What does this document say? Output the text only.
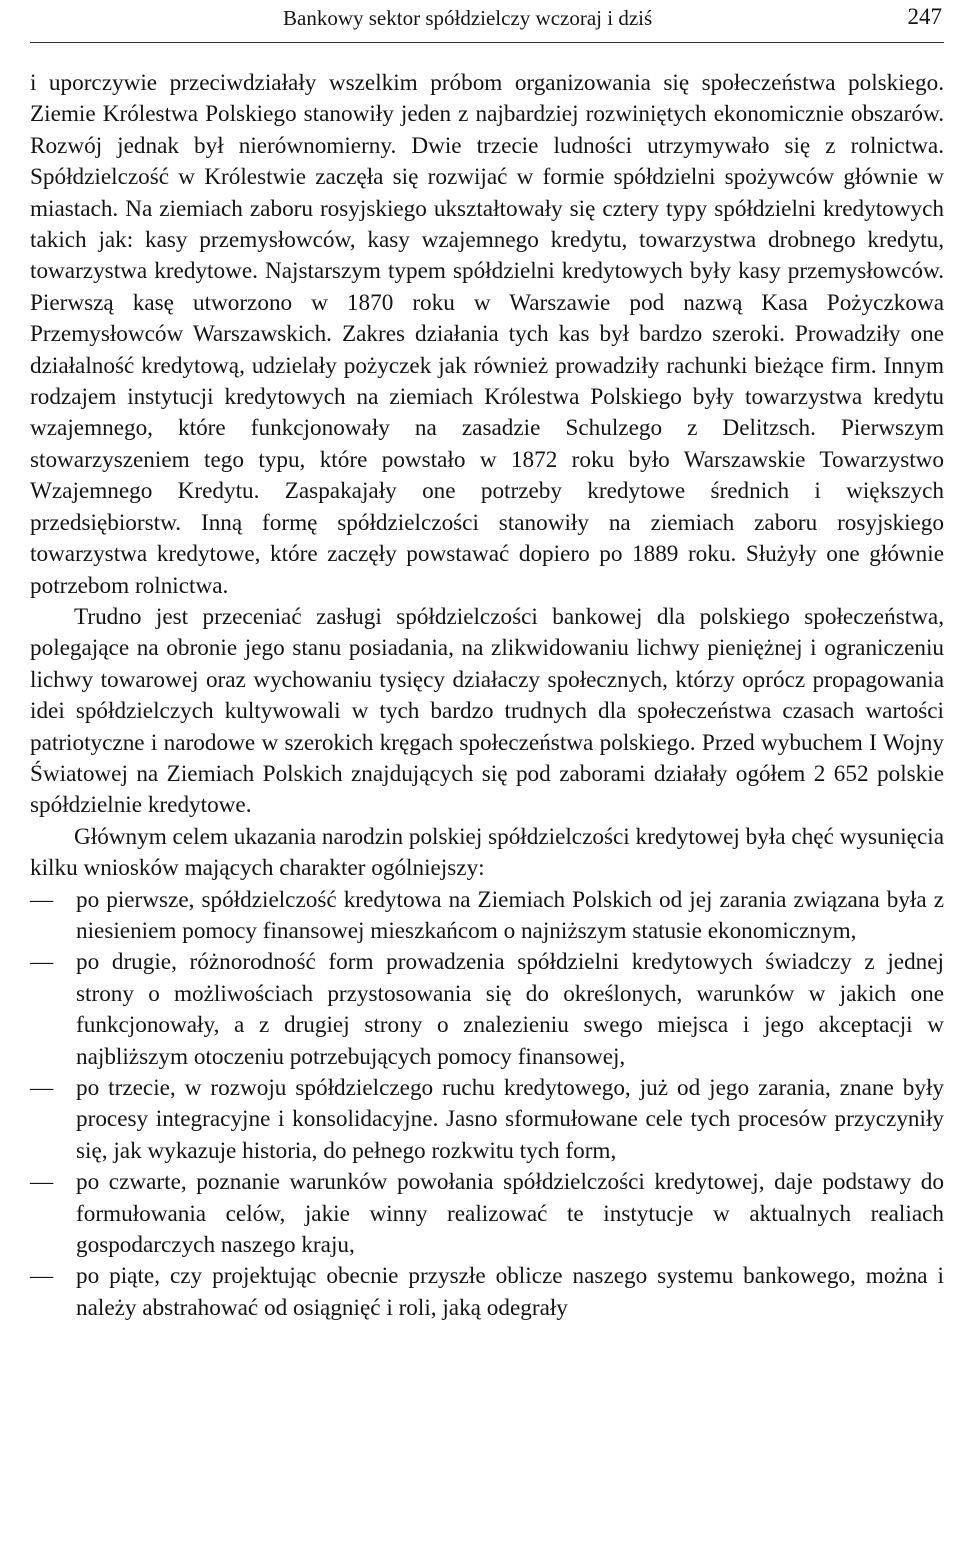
Bankowy sektor spółdzielczy wczoraj i dziś	247

i uporczywie przeciwdziałały wszelkim próbom organizowania się społeczeństwa polskiego. Ziemie Królestwa Polskiego stanowiły jeden z najbardziej rozwiniętych ekonomicznie obszarów. Rozwój jednak był nierównomierny. Dwie trzecie ludności utrzymywało się z rolnictwa. Spółdzielczość w Królestwie zaczęła się rozwijać w formie spółdzielni spożywców głównie w miastach. Na ziemiach zaboru rosyjskiego ukształtowały się cztery typy spółdzielni kredytowych takich jak: kasy przemysłowców, kasy wzajemnego kredytu, towarzystwa drobnego kredytu, towarzystwa kredytowe. Najstarszym typem spółdzielni kredytowych były kasy przemysłowców. Pierwszą kasę utworzono w 1870 roku w Warszawie pod nazwą Kasa Pożyczkowa Przemysłowców Warszawskich. Zakres działania tych kas był bardzo szeroki. Prowadziły one działalność kredytową, udzielały pożyczek jak również prowadziły rachunki bieżące firm. Innym rodzajem instytucji kredytowych na ziemiach Królestwa Polskiego były towarzystwa kredytu wzajemnego, które funkcjonowały na zasadzie Schulzego z Delitzsch. Pierwszym stowarzyszeniem tego typu, które powstało w 1872 roku było Warszawskie Towarzystwo Wzajemnego Kredytu. Zaspakajały one potrzeby kredytowe średnich i większych przedsiębiorstw. Inną formę spółdzielczości stanowiły na ziemiach zaboru rosyjskiego towarzystwa kredytowe, które zaczęły powstawać dopiero po 1889 roku. Służyły one głównie potrzebom rolnictwa.

Trudno jest przeceniać zasługi spółdzielczości bankowej dla polskiego społeczeństwa, polegające na obronie jego stanu posiadania, na zlikwidowaniu lichwy pieniężnej i ograniczeniu lichwy towarowej oraz wychowaniu tysięcy działaczy społecznych, którzy oprócz propagowania idei spółdzielczych kultywowali w tych bardzo trudnych dla społeczeństwa czasach wartości patriotyczne i narodowe w szerokich kręgach społeczeństwa polskiego. Przed wybuchem I Wojny Światowej na Ziemiach Polskich znajdujących się pod zaborami działały ogółem 2 652 polskie spółdzielnie kredytowe.

Głównym celem ukazania narodzin polskiej spółdzielczości kredytowej była chęć wysunięcia kilku wniosków mających charakter ogólniejszy:

— po pierwsze, spółdzielczość kredytowa na Ziemiach Polskich od jej zarania związana była z niesieniem pomocy finansowej mieszkańcom o najniższym statusie ekonomicznym,
— po drugie, różnorodność form prowadzenia spółdzielni kredytowych świadczy z jednej strony o możliwościach przystosowania się do określonych, warunków w jakich one funkcjonowały, a z drugiej strony o znalezieniu swego miejsca i jego akceptacji w najbliższym otoczeniu potrzebujących pomocy finansowej,
— po trzecie, w rozwoju spółdzielczego ruchu kredytowego, już od jego zarania, znane były procesy integracyjne i konsolidacyjne. Jasno sformułowane cele tych procesów przyczyniły się, jak wykazuje historia, do pełnego rozkwitu tych form,
— po czwarte, poznanie warunków powołania spółdzielczości kredytowej, daje podstawy do formułowania celów, jakie winny realizować te instytucje w aktualnych realiach gospodarczych naszego kraju,
— po piąte, czy projektując obecnie przyszłe oblicze naszego systemu bankowego, można i należy abstrahować od osiągnięć i roli, jaką odegrały
